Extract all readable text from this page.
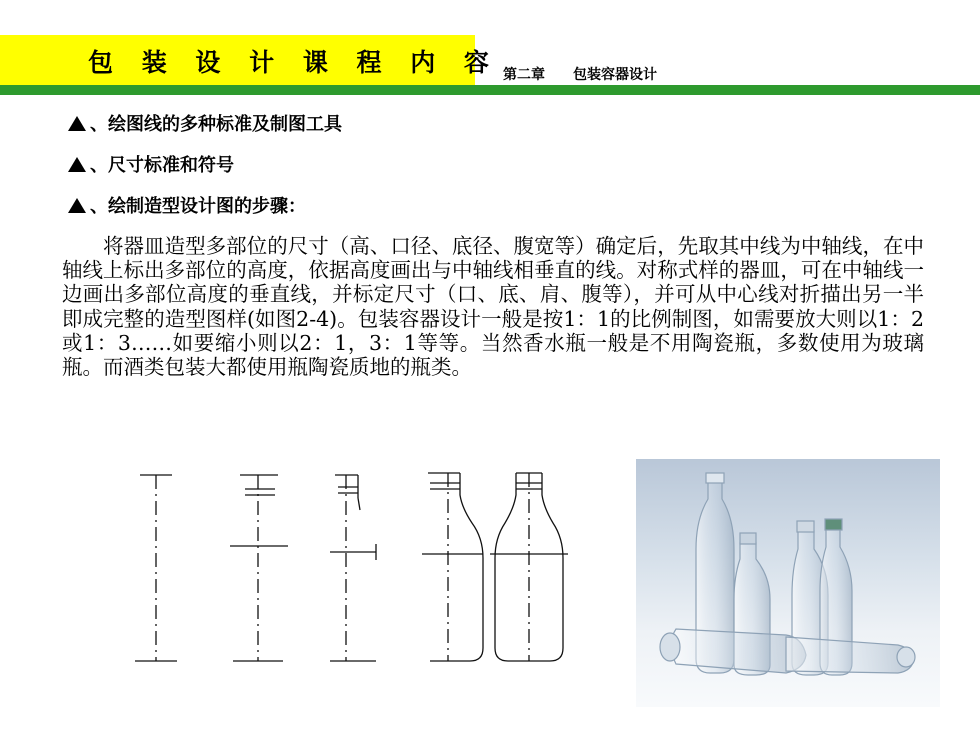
包 装 设 计 课 程 内 容 第二章 包装容器设计
、绘图线的多种标准及制图工具
、尺寸标准和符号
、绘制造型设计图的步骤：
将器皿造型多部位的尺寸（高、口径、底径、腹宽等）确定后，先取其中线为中轴线，在中轴线上标出多部位的高度，依据高度画出与中轴线相垂直的线。对称式样的器皿，可在中轴线一边画出多部位高度的垂直线，并标定尺寸（口、底、肩、腹等），并可从中心线对折描出另一半即成完整的造型图样(如图2-4)。包装容器设计一般是按1：1的比例制图，如需要放大则以1：2或1：3……如要缩小则以2：1，3：1等等。当然香水瓶一般是不用陶瓷瓶，多数使用为玻璃瓶。而酒类包装大都使用瓶陶瓷质地的瓶类。
